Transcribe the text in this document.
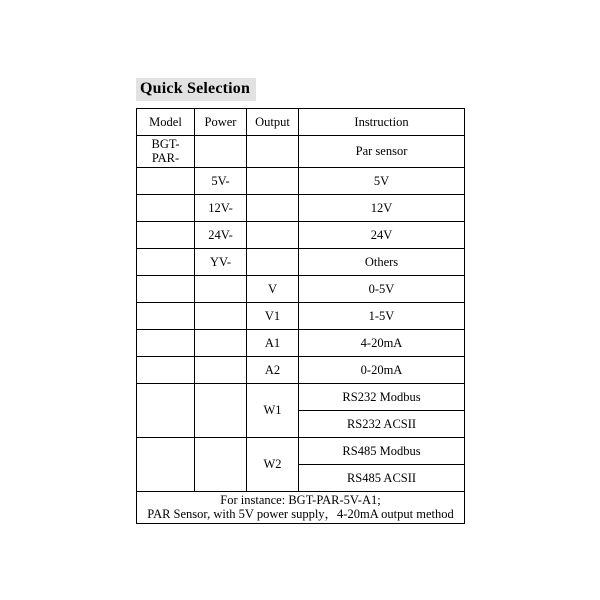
Quick Selection
Model	Power	Output	Instruction
BGT-
PAR-			Par sensor
	5V-		5V
	12V-		12V
	24V-		24V
	YV-		Others
		V	0-5V
		V1	1-5V
		A1	4-20mA
		A2	0-20mA
		W1	RS232 Modbus
			RS232 ACSII
		W2	RS485 Modbus
			RS485 ACSII

For instance: BGT-PAR-5V-A1;
PAR Sensor, with 5V power supply，4-20mA output method			
